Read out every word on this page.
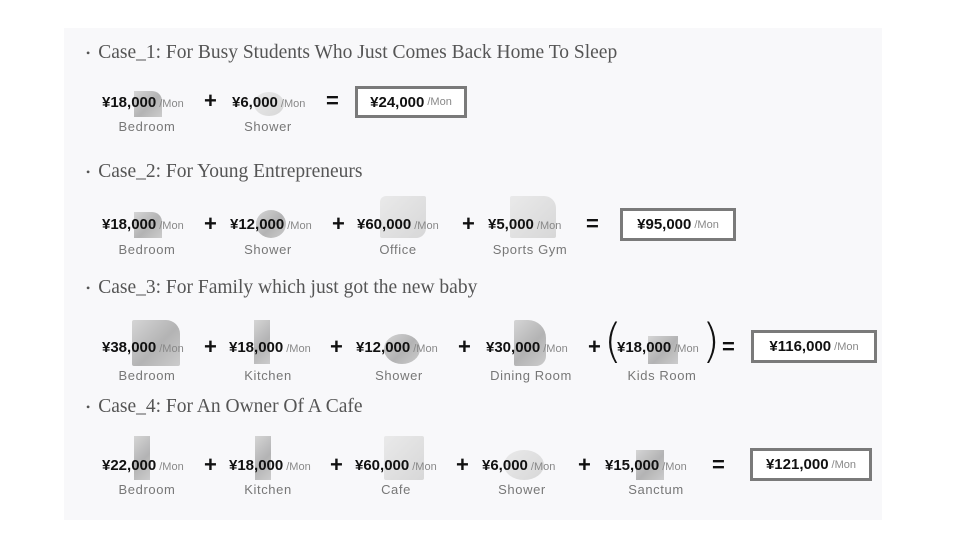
• Case_1: For Busy Students Who Just Comes Back Home To Sleep
¥18,000 /Mon
Bedroom
+ ¥6,000 /Mon
Shower
= ¥24,000 /Mon
• Case_2: For Young Entrepreneurs
¥18,000 /Mon
Bedroom
+ ¥12,000 /Mon
Shower
+ ¥60,000 /Mon
Office
+ ¥5,000 /Mon
Sports Gym
=	¥95,000 /Mon
• Case_3: For Family which just got the new baby
¥38,000 /Mon
Bedroom
+ ¥18,000 /Mon
Kitchen
+ ¥12,000 /Mon
Shower
+ ¥30,000 /Mon
Dining Room
+ (
¥18,000 /Mon
Kids Room
) = ¥116,000 /Mon
• Case_4: For An Owner Of A Cafe
¥22,000 /Mon
Bedroom
+ ¥18,000 /Mon
Kitchen
+ ¥60,000 /Mon
Cafe
+ ¥6,000 /Mon
Shower
+ ¥15,000 /Mon
Sanctum
=	¥121,000 /Mon
